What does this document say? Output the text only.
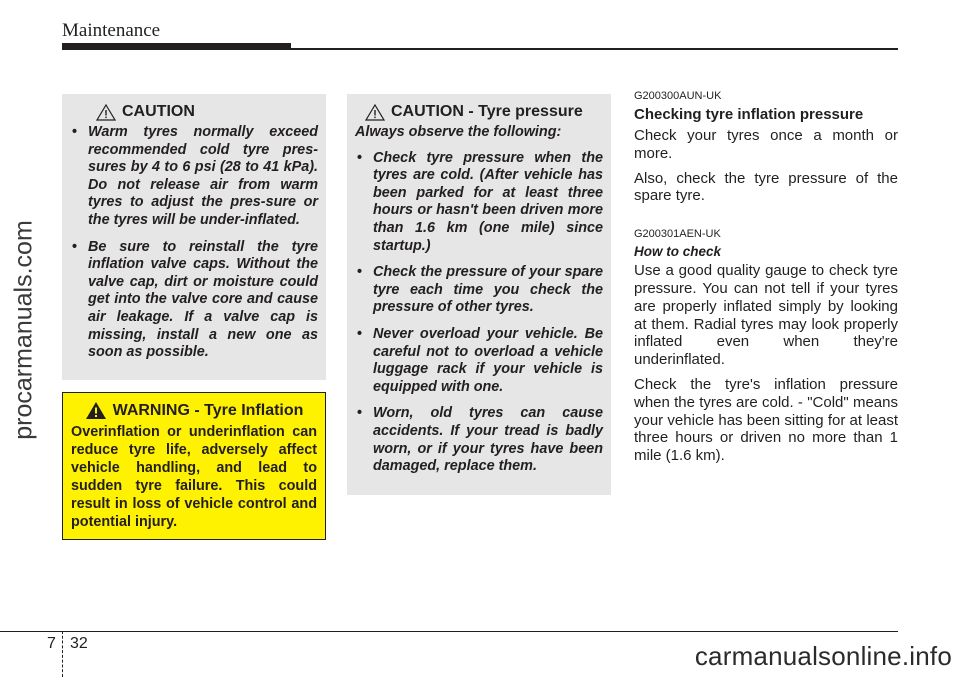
Maintenance
procarmanuals.com
CAUTION
• Warm tyres normally exceed recommended cold tyre pres-sures by 4 to 6 psi (28 to 41 kPa). Do not release air from warm tyres to adjust the pres-sure or the tyres will be under-inflated.
• Be sure to reinstall the tyre inflation valve caps. Without the valve cap, dirt or moisture could get into the valve core and cause air leakage. If a valve cap is missing, install a new one as soon as possible.
WARNING - Tyre Inflation

Overinflation or underinflation can reduce tyre life, adversely affect vehicle handling, and lead to sudden tyre failure. This could result in loss of vehicle control and potential injury.

CAUTION - Tyre pressure

Always observe the following:

• Check tyre pressure when the tyres are cold. (After vehicle has been parked for at least three hours or hasn't been driven more than 1.6 km (one mile) since startup.)
• Check the pressure of your spare tyre each time you check the pressure of other tyres.
• Never overload your vehicle. Be careful not to overload a vehicle luggage rack if your vehicle is equipped with one.
• Worn, old tyres can cause accidents. If your tread is badly worn, or if your tyres have been damaged, replace them.

G200300AUN-UK

Checking tyre inflation pressure

Check your tyres once a month or more.

Also, check the tyre pressure of the spare tyre.

G200301AEN-UK

How to check

Use a good quality gauge to check tyre pressure. You can not tell if your tyres are properly inflated simply by looking at them. Radial tyres may look properly inflated even when they're underinflated.

Check the tyre's inflation pressure when the tyres are cold. - "Cold" means your vehicle has been sitting for at least three hours or driven no more than 1 mile (1.6 km).

7 32	carmanualsonline.info
